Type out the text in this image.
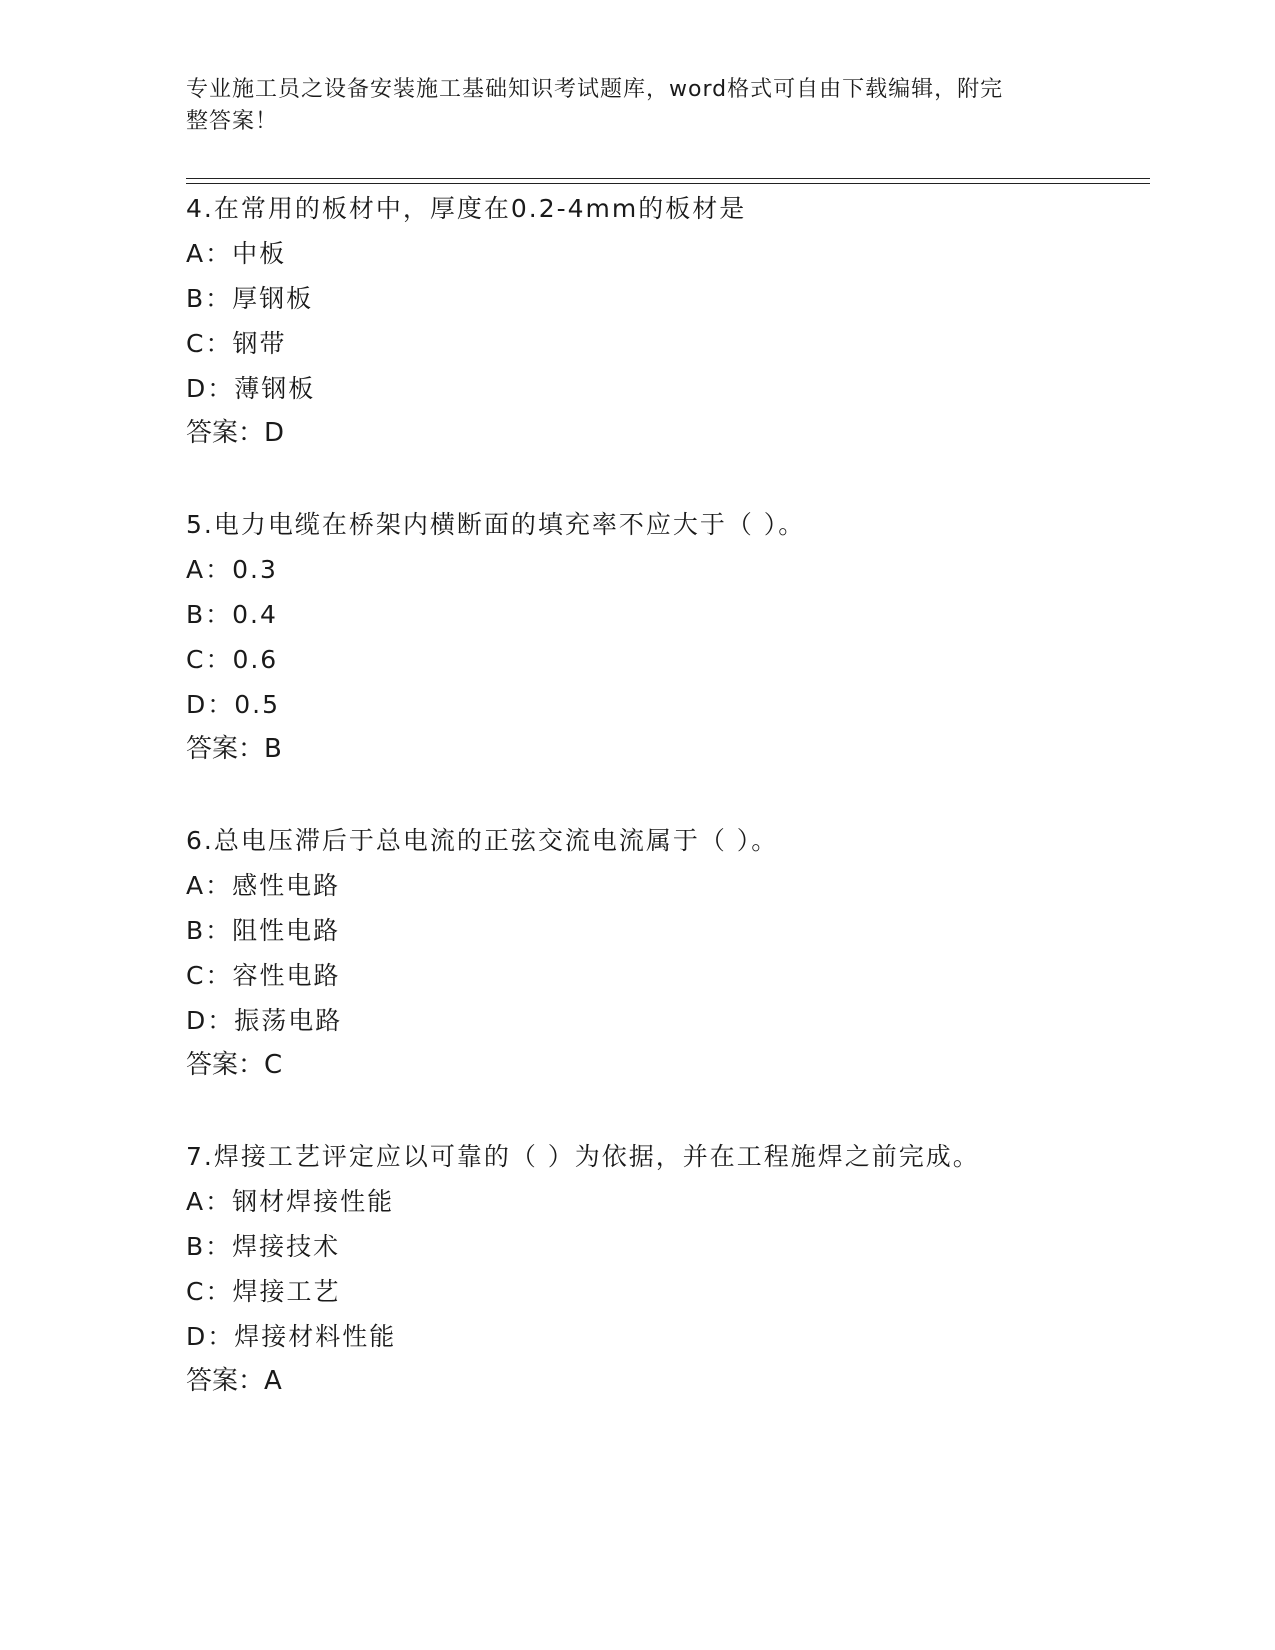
专业施工员之设备安装施工基础知识考试题库，word格式可自由下载编辑，附完
整答案！

4.在常用的板材中，厚度在0.2-4mm的板材是

A：中板

B：厚钢板

C：钢带

D：薄钢板

答案：D

5.电力电缆在桥架内横断面的填充率不应大于（ ）。

A：0.3

B：0.4

C：0.6

D：0.5

答案：B

6.总电压滞后于总电流的正弦交流电流属于（ ）。

A：感性电路

B：阻性电路

C：容性电路

D：振荡电路

答案：C

7.焊接工艺评定应以可靠的（ ）为依据，并在工程施焊之前完成。

A：钢材焊接性能

B：焊接技术

C：焊接工艺

D：焊接材料性能

答案：A
